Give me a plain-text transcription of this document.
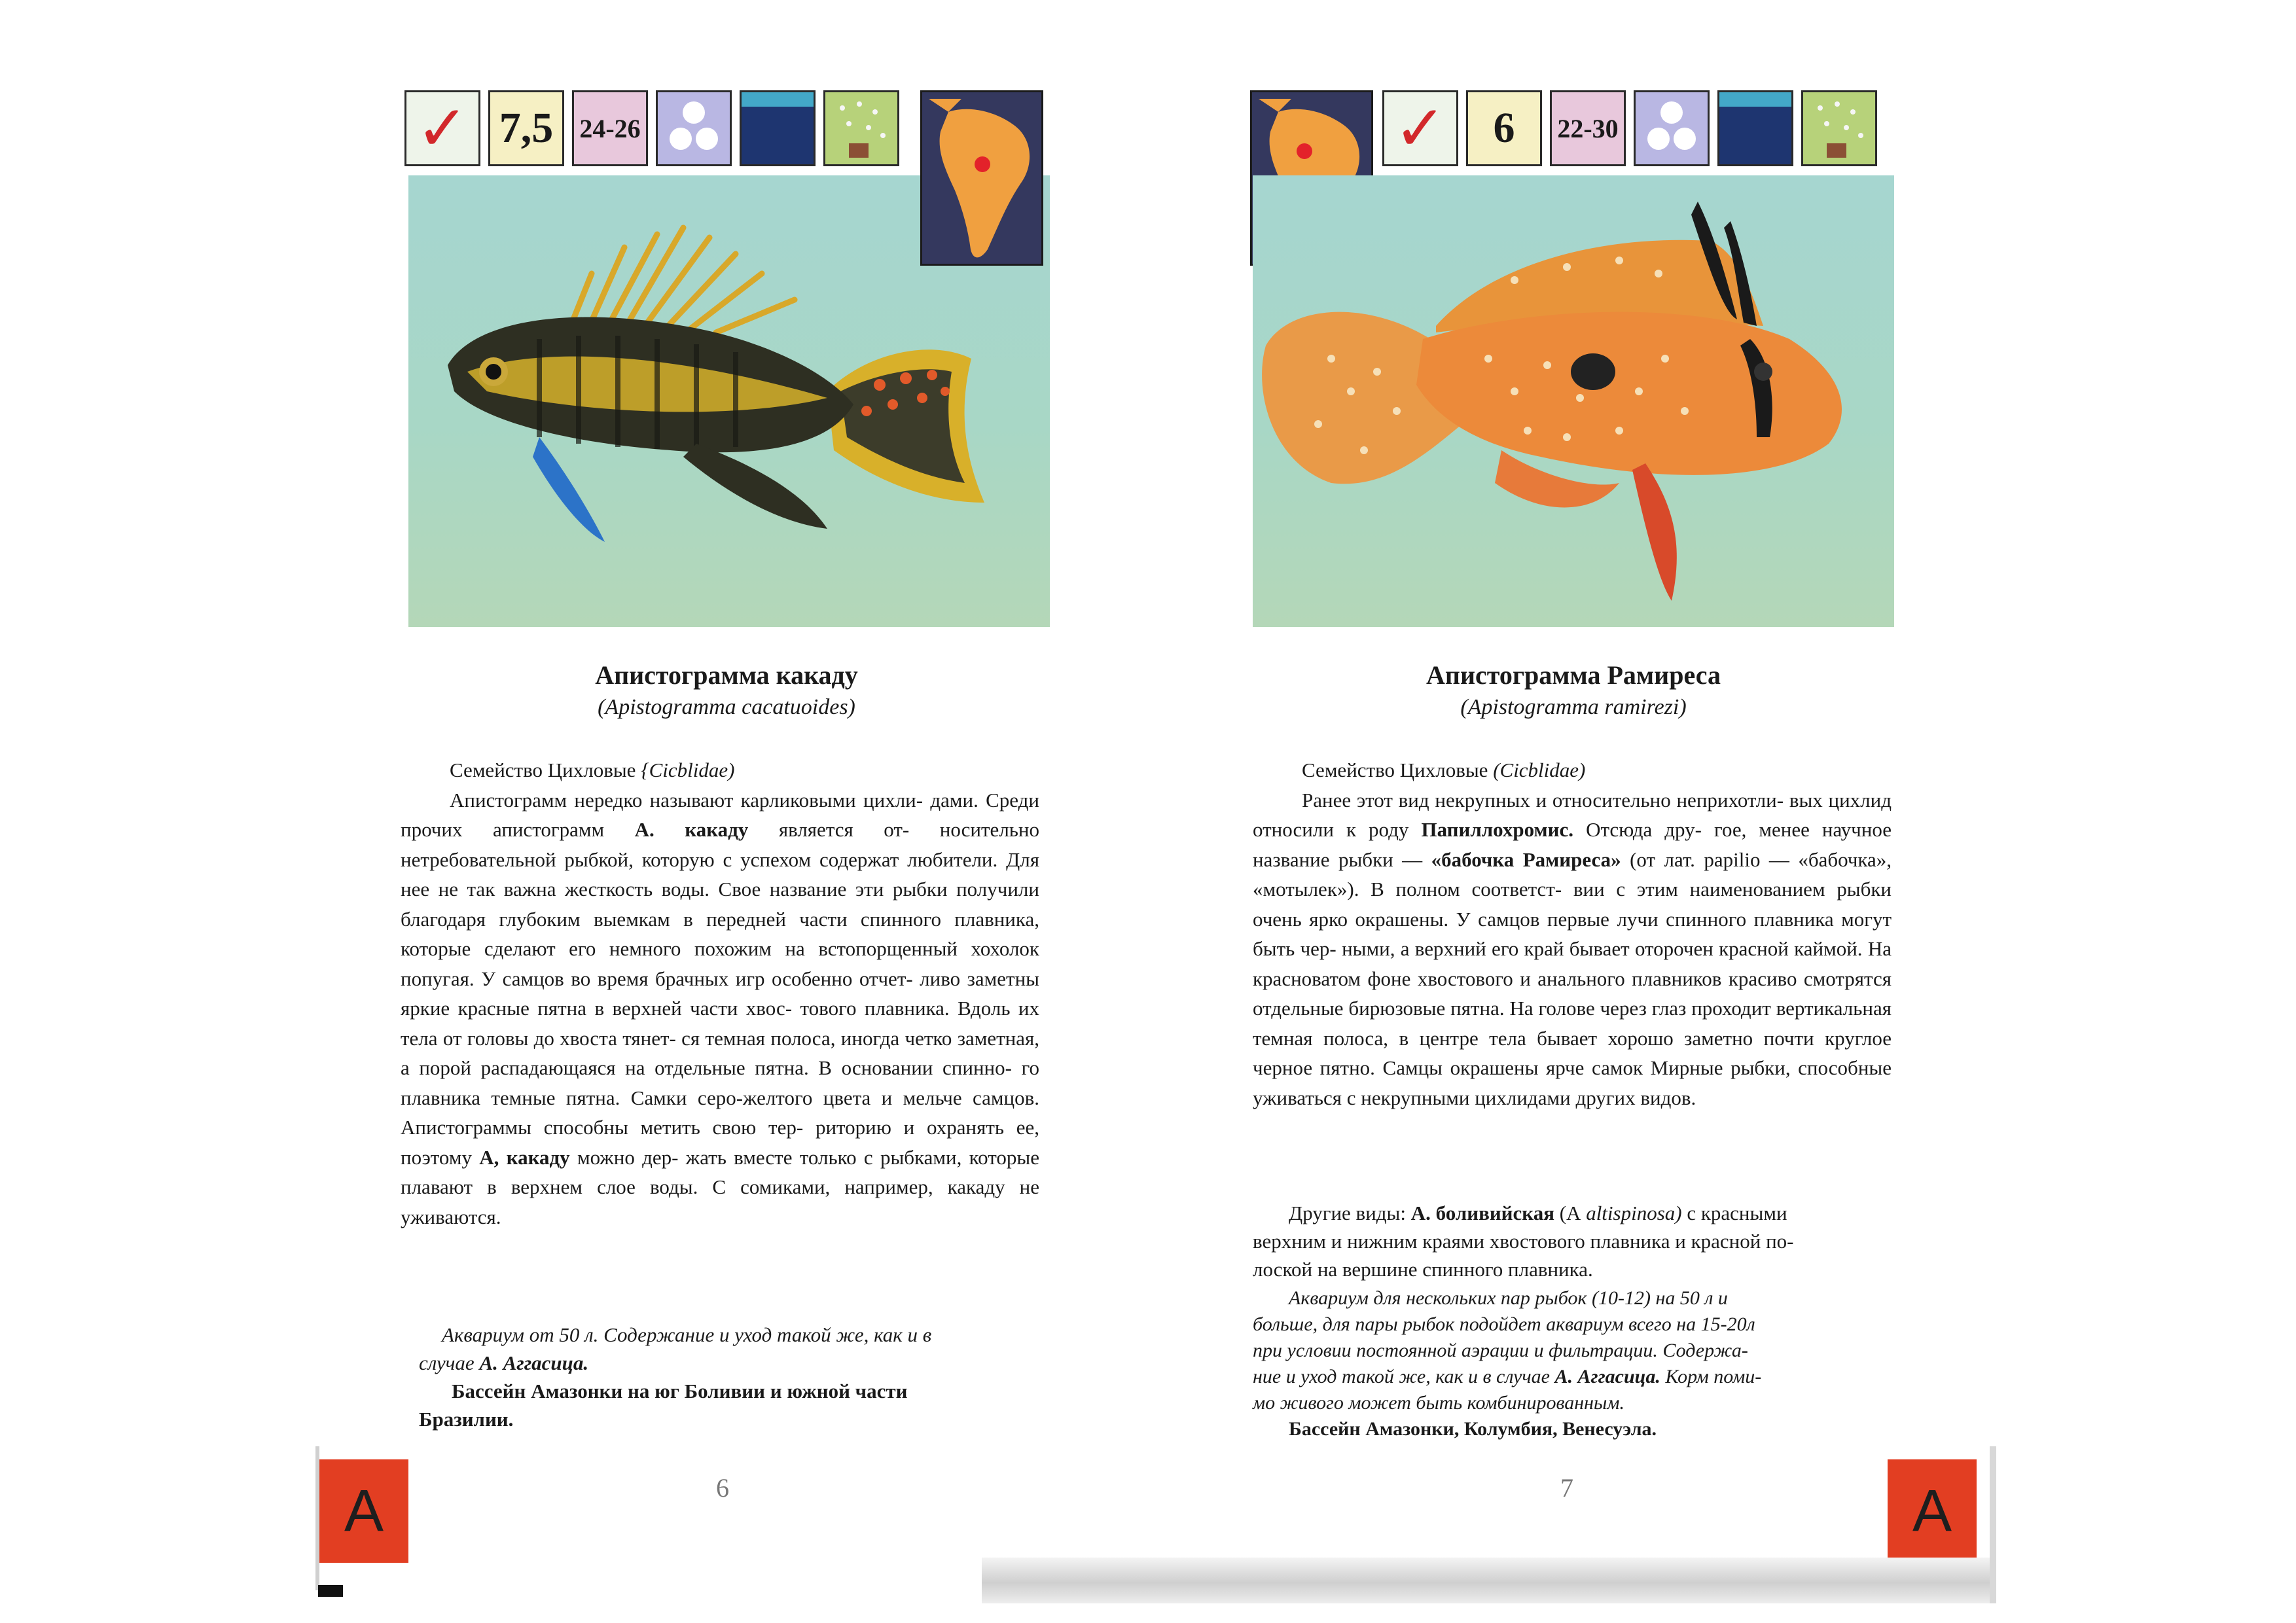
✓ 7,5 24-26
Апистограмма какаду
(Apistogramma cacatuoides)
Семейство Цихловые {Cicblidae)

Апистограмм нередко называют карликовыми цихли- дами. Среди прочих апистограмм А. какаду является от- носительно нетребовательной рыбкой, которую с успехом содержат любители. Для нее не так важна жесткость воды. Свое название эти рыбки получили благодаря глубоким выемкам в передней части спинного плавника, которые сделают его немного похожим на встопорщенный хохолок попугая. У самцов во время брачных игр особенно отчет- ливо заметны яркие красные пятна в верхней части хвос- тового плавника. Вдоль их тела от головы до хвоста тянет- ся темная полоса, иногда четко заметная, а порой распадающаяся на отдельные пятна. В основании спинно- го плавника темные пятна. Самки серо-желтого цвета и мельче самцов. Апистограммы способны метить свою тер- риторию и охранять ее, поэтому А, какаду можно дер- жать вместе только с рыбками, которые плавают в верхнем слое воды. С сомиками, например, какаду не уживаются.

Аквариум от 50 л. Содержание и уход такой же, как и в

случае А. Аггасица.

Бассейн Амазонки на юг Боливии и южной части

Бразилии.

А	6
✓ 6 22-30
Апистограмма Рамиреса
(Apistogramma ramirezi)
Семейство Цихловые (Cicblidae)

Ранее этот вид некрупных и относительно неприхотли- вых цихлид относили к роду Папиллохромис. Отсюда дру- гое, менее научное название рыбки — «бабочка Рамиреса» (от лат. papilio — «бабочка», «мотылек»). В полном соответст- вии с этим наименованием рыбки очень ярко окрашены. У самцов первые лучи спинного плавника могут быть чер- ными, а верхний его край бывает оторочен красной каймой. На красноватом фоне хвостового и анального плавников красиво смотрятся отдельные бирюзовые пятна. На голове через глаз проходит вертикальная темная полоса, в центре тела бывает хорошо заметно почти круглое черное пятно. Самцы окрашены ярче самок Мирные рыбки, способные уживаться с некрупными цихлидами других видов.

Другие виды: А. боливийская (А altispinosa) с красными

верхним и нижним краями хвостового плавника и красной по-

лоской на вершине спинного плавника.

Аквариум для нескольких пар рыбок (10-12) на 50 л и

больше, для пары рыбок подойдет аквариум всего на 15-20л

при условии постоянной аэрации и фильтрации. Содержа-

ние и уход такой же, как и в случае А. Аггасица. Корм поми-

мо живого может быть комбинированным.

Бассейн Амазонки, Колумбия, Венесуэла.

7	А
